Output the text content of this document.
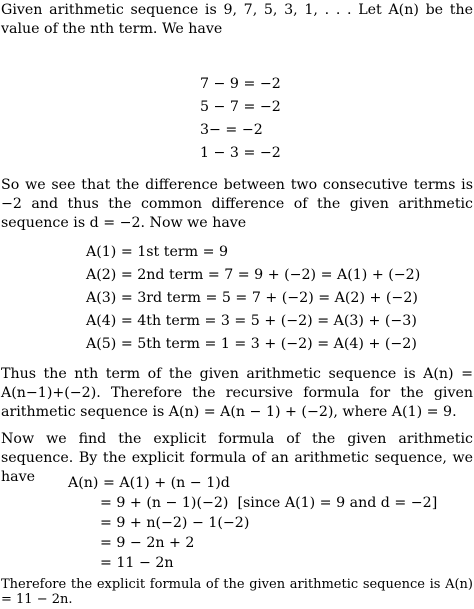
Given arithmetic sequence is 9, 7, 5, 3, 1, . . . Let A(n) be the value of the nth term. We have
7 − 9 = −2
5 − 7 = −2
3− = −2
1 − 3 = −2
So we see that the difference between two consecutive terms is −2 and thus the common difference of the given arithmetic sequence is d = −2. Now we have
A(1) = 1st term = 9
A(2) = 2nd term = 7 = 9 + (−2) = A(1) + (−2)
A(3) = 3rd term = 5 = 7 + (−2) = A(2) + (−2)
A(4) = 4th term = 3 = 5 + (−2) = A(3) + (−3)
A(5) = 5th term = 1 = 3 + (−2) = A(4) + (−2)
Thus the nth term of the given arithmetic sequence is A(n) = A(n−1)+(−2). Therefore the recursive formula for the given arithmetic sequence is A(n) = A(n − 1) + (−2), where A(1) = 9.
Now we find the explicit formula of the given arithmetic sequence. By the explicit formula of an arithmetic sequence, we have	A(n) = A(1) + (n − 1)d
= 9 + (n − 1)(−2)  [since A(1) = 9 and d = −2]
= 9 + n(−2) − 1(−2)
= 9 − 2n + 2
= 11 − 2n
Therefore the explicit formula of the given arithmetic sequence is A(n) = 11 − 2n.
